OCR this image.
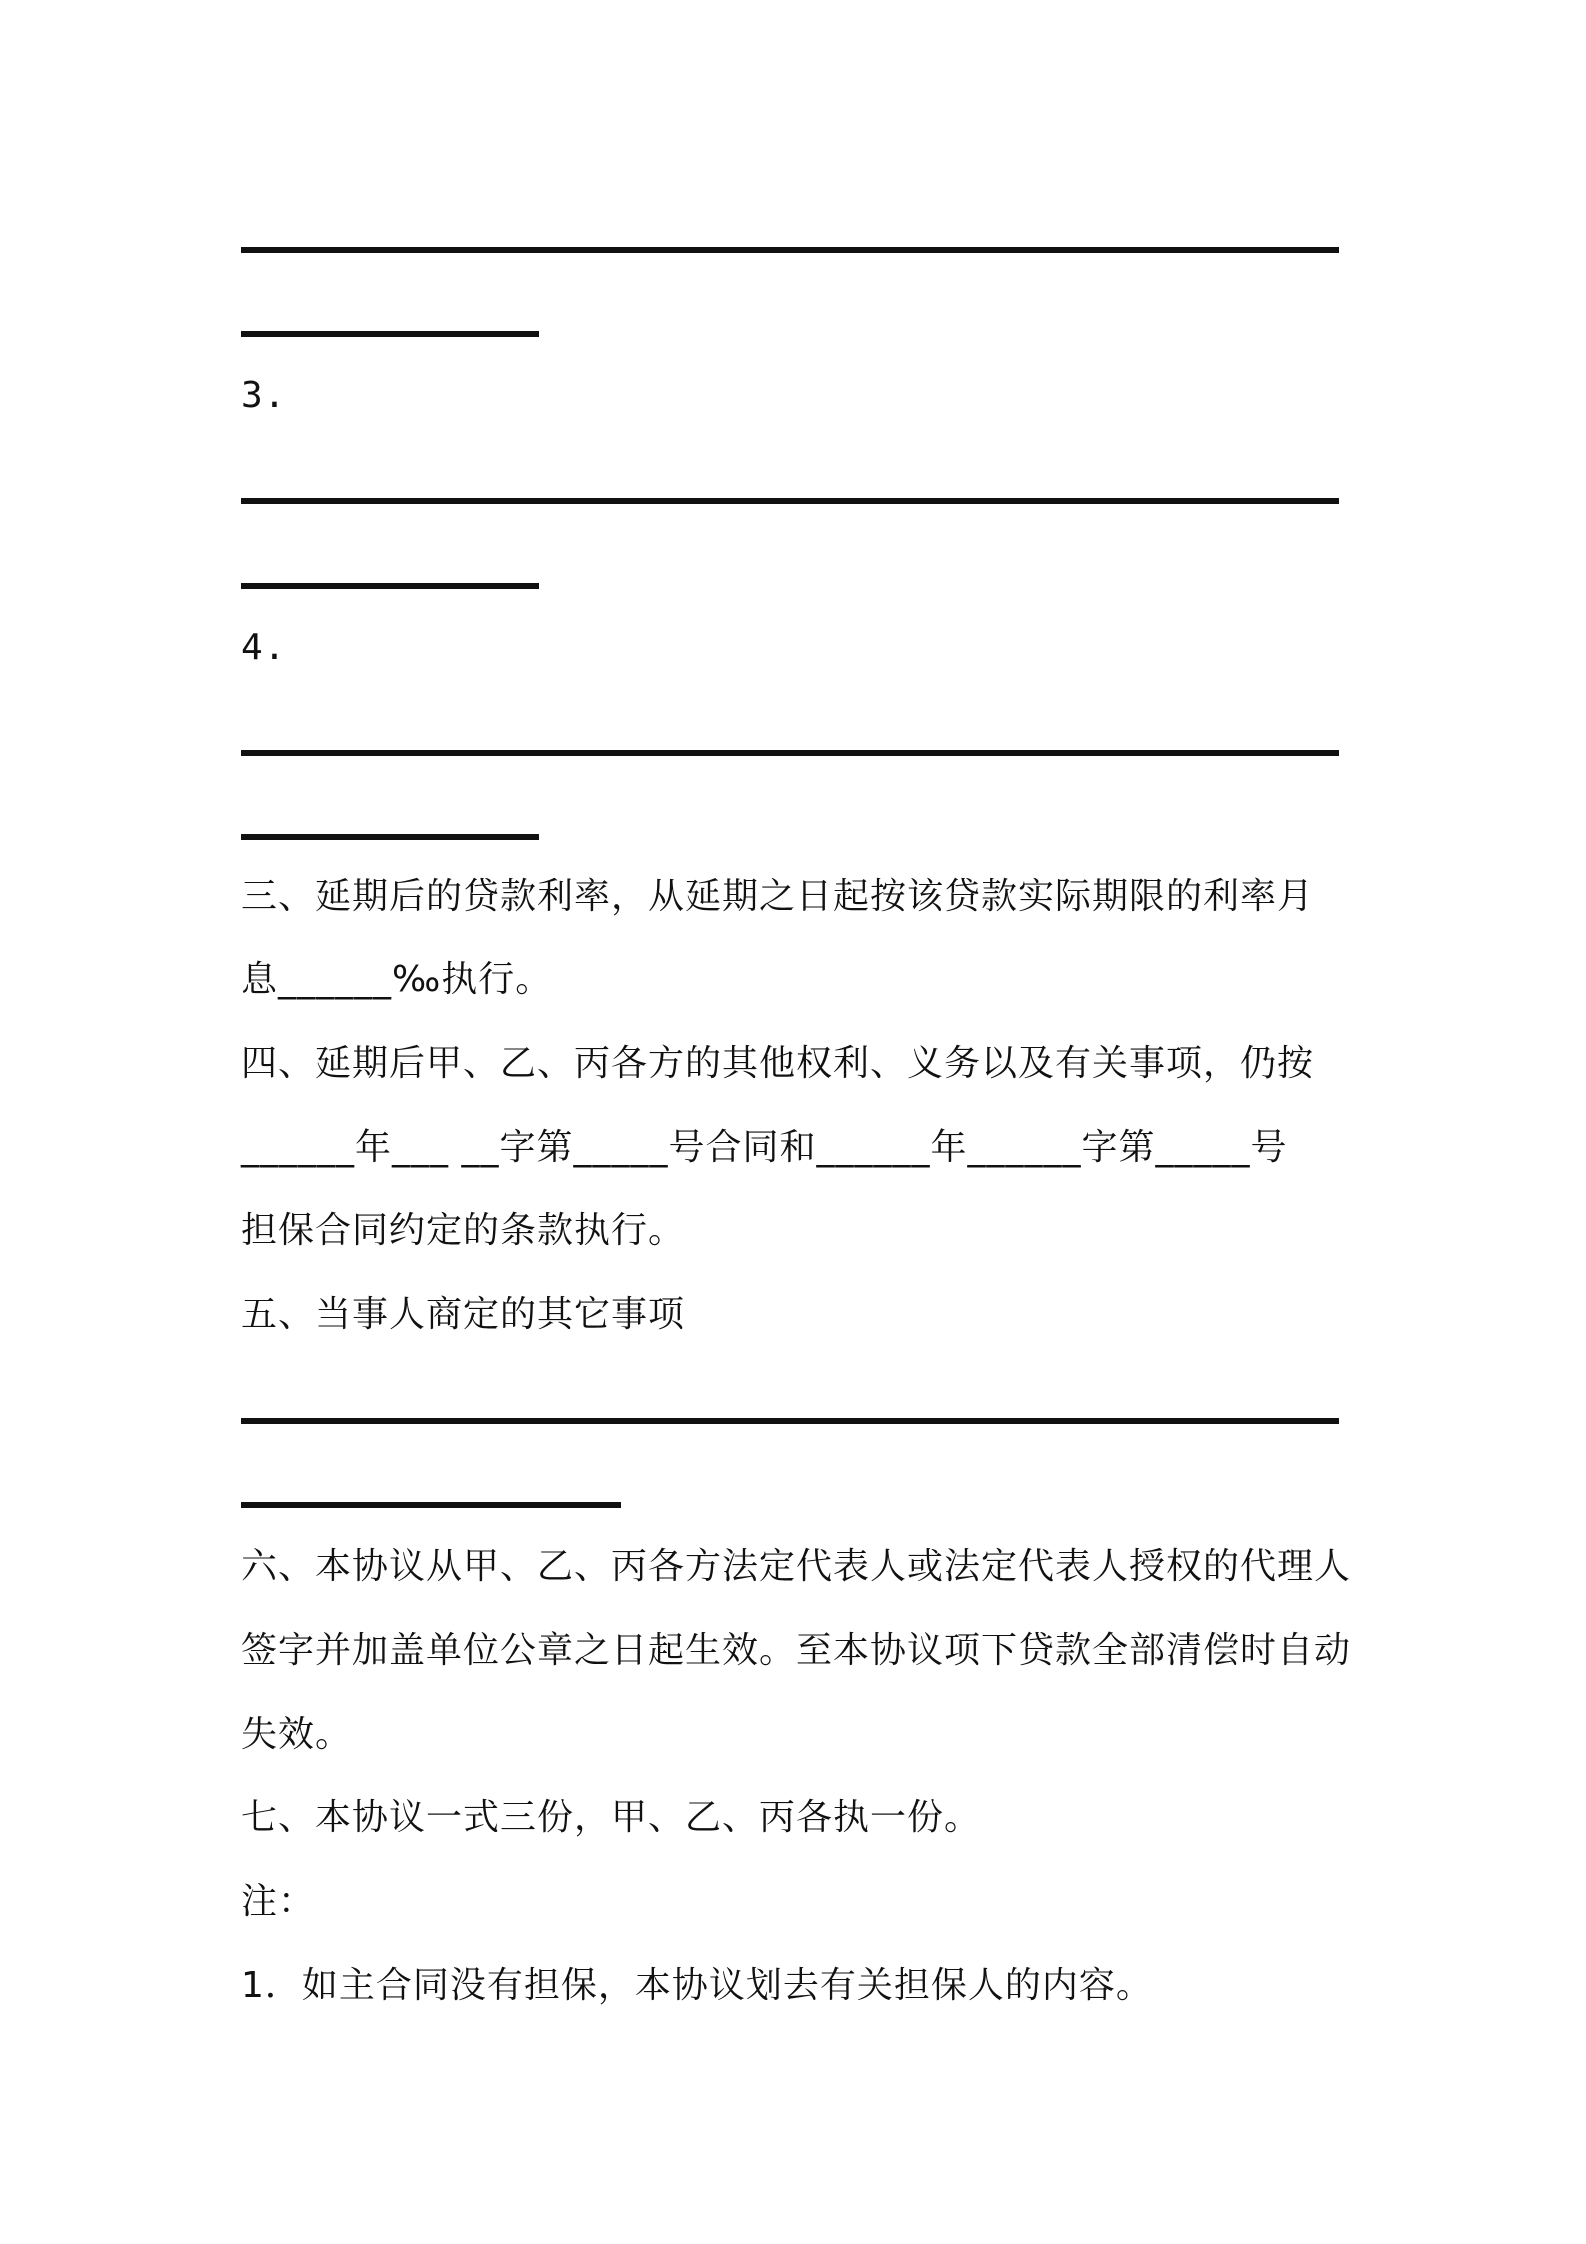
3.
4.
三、延期后的贷款利率，从延期之日起按该贷款实际期限的利率月
息______‰执行。
四、延期后甲、乙、丙各方的其他权利、义务以及有关事项，仍按
______年___ __字第_____号合同和______年______字第_____号
担保合同约定的条款执行。
五、当事人商定的其它事项
六、本协议从甲、乙、丙各方法定代表人或法定代表人授权的代理人
签字并加盖单位公章之日起生效。至本协议项下贷款全部清偿时自动
失效。
七、本协议一式三份，甲、乙、丙各执一份。
注：
1．如主合同没有担保，本协议划去有关担保人的内容。
